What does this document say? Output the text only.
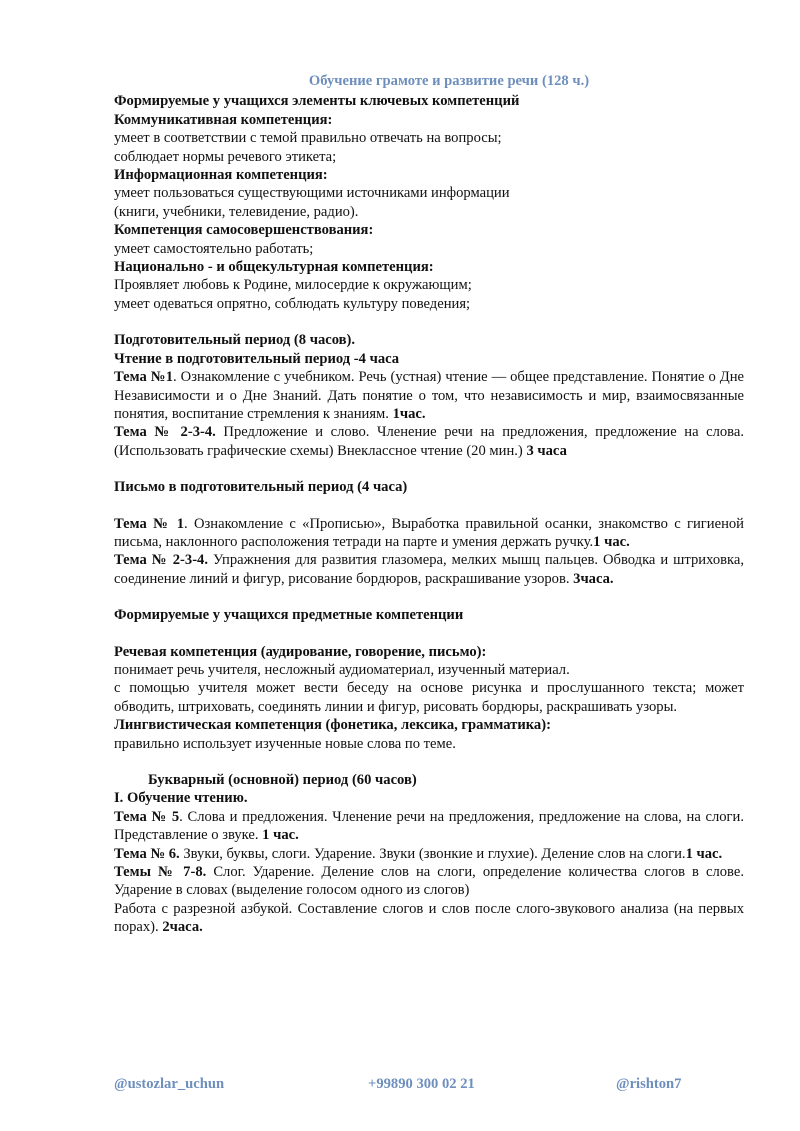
Обучение грамоте и развитие речи (128 ч.)

Формируемые у учащихся элементы ключевых компетенций

Коммуникативная компетенция:

умеет в соответствии с темой правильно отвечать на вопросы;

соблюдает нормы речевого этикета;

Информационная компетенция:

умеет пользоваться существующими источниками информации

(книги, учебники, телевидение, радио).

Компетенция самосовершенствования:

умеет самостоятельно работать;

Национально - и общекультурная компетенция:

Проявляет любовь к Родине, милосердие к окружающим;

умеет одеваться опрятно, соблюдать культуру поведения;

Подготовительный период (8 часов).

Чтение в подготовительный период -4 часа

Тема №1. Ознакомление с учебником. Речь (устная) чтение — общее представление. Понятие о Дне Независимости и о Дне Знаний. Дать понятие о том, что независимость и мир, взаимосвязанные понятия, воспитание стремления к знаниям. 1час.

Тема № 2-3-4. Предложение и слово. Членение речи на предложения, предложение на слова. (Использовать графические схемы) Внеклассное чтение (20 мин.) 3 часа

Письмо в подготовительный период (4 часа)

Тема № 1. Ознакомление с «Прописью», Выработка правильной осанки, знакомство с гигиеной письма, наклонного расположения тетради на парте и умения держать ручку.1 час.

Тема № 2-3-4. Упражнения для развития глазомера, мелких мышц пальцев. Обводка и штриховка, соединение линий и фигур, рисование бордюров, раскрашивание узоров. 3часа.

Формируемые у учащихся предметные компетенции

Речевая компетенция (аудирование, говорение, письмо):

понимает речь учителя, несложный аудиоматериал, изученный материал.

с помощью учителя может вести беседу на основе рисунка и прослушанного текста; может обводить, штриховать, соединять линии и фигур, рисовать бордюры, раскрашивать узоры.

Лингвистическая компетенция (фонетика, лексика, грамматика):

правильно использует изученные новые слова по теме.

Букварный (основной) период (60 часов)

I. Обучение чтению.

Тема № 5. Слова и предложения. Членение речи на предложения, предложение на слова, на слоги. Представление о звуке. 1 час.

Тема № 6. Звуки, буквы, слоги. Ударение. Звуки (звонкие и глухие). Деление слов на слоги.1 час.

Темы № 7-8. Слог. Ударение. Деление слов на слоги, определение количества слогов в слове. Ударение в словах (выделение голосом одного из слогов)

Работа с разрезной азбукой. Составление слогов и слов после слого-звукового анализа (на первых порах). 2часа.

@ustozlar_uchun	+99890 300 02 21	@rishton7
